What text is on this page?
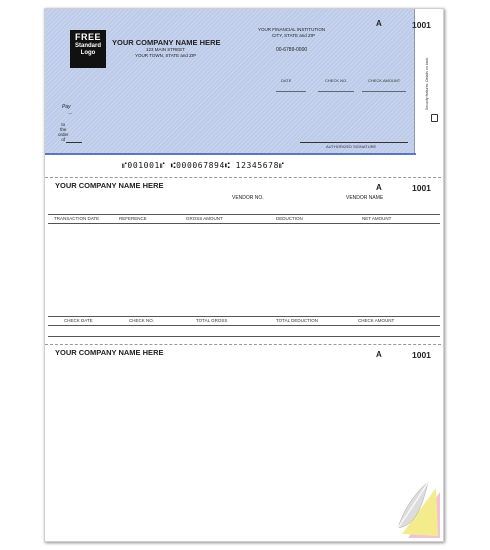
FREE
Standard
Logo
YOUR COMPANY NAME HERE
123 MAIN STREET
YOUR TOWN, STATE and ZIP
YOUR FINANCIAL INSTITUTION
CITY, STATE and ZIP
00-6789-0000
A	1001
DATE	CHECK NO.	CHECK AMOUNT
Pay
—
to
the
order
of
AUTHORIZED SIGNATURE
Security features. Details on back.
⑈001001⑈ ⑆000067894⑆ 12345678⑈
YOUR COMPANY NAME HERE	A	1001
VENDOR NO.	VENDOR NAME
TRANSACTION DATE	REFERENCE	GROSS AMOUNT	DEDUCTION	NET AMOUNT
CHECK DATE	CHECK NO.	TOTAL GROSS	TOTAL DEDUCTION	CHECK AMOUNT
YOUR COMPANY NAME HERE	A	1001
